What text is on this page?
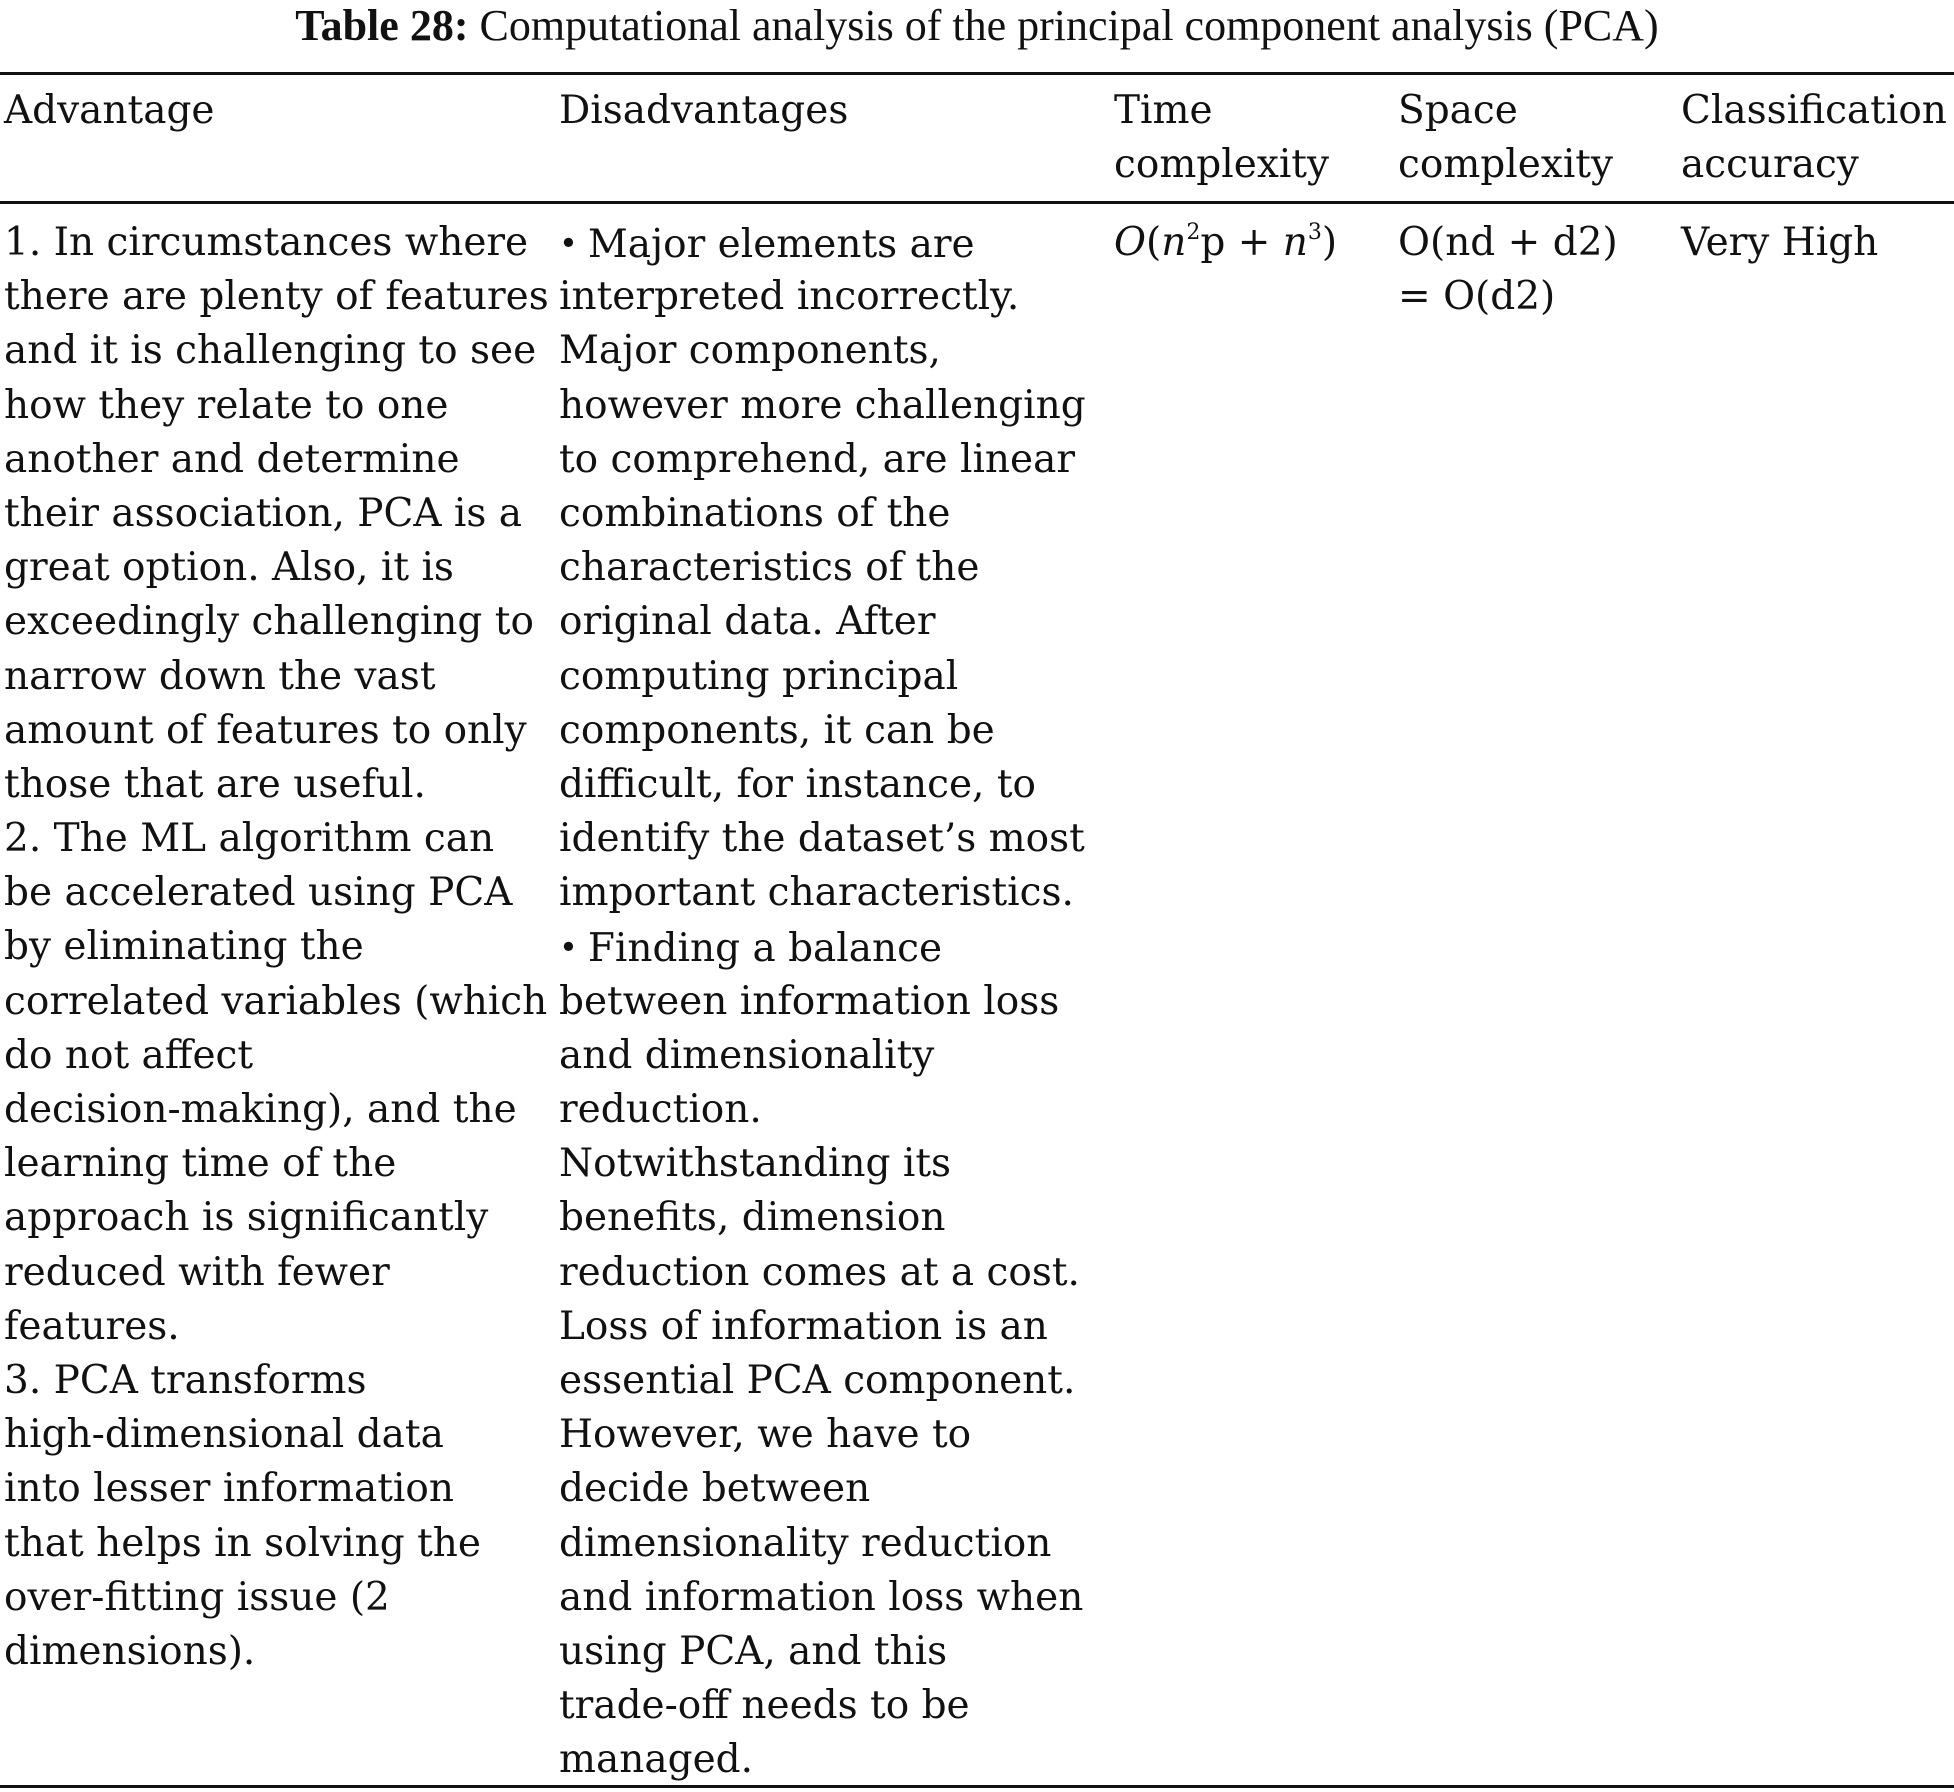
Table 28: Computational analysis of the principal component analysis (PCA)
Advantage	Disadvantages	Time
complexity
Space
complexity
Classification
accuracy
1. In circumstances where
there are plenty of features
and it is challenging to see
how they relate to one
another and determine
their association, PCA is a
great option. Also, it is
exceedingly challenging to
narrow down the vast
amount of features to only
those that are useful.
2. The ML algorithm can
be accelerated using PCA
by eliminating the
correlated variables (which
do not affect
decision-making), and the
learning time of the
approach is significantly
reduced with fewer
features.
3. PCA transforms
high-dimensional data
into lesser information
that helps in solving the
over-fitting issue (2
dimensions).
• Major elements are
interpreted incorrectly.
Major components,
however more challenging
to comprehend, are linear
combinations of the
characteristics of the
original data. After
computing principal
components, it can be
difficult, for instance, to
identify the dataset’s most
important characteristics.
• Finding a balance
between information loss
and dimensionality
reduction.
Notwithstanding its
benefits, dimension
reduction comes at a cost.
Loss of information is an
essential PCA component.
However, we have to
decide between
dimensionality reduction
and information loss when
using PCA, and this
trade-off needs to be
managed.
$O(n^2p + n^3) O(nd + d2)$
= O(d2)
Very High
